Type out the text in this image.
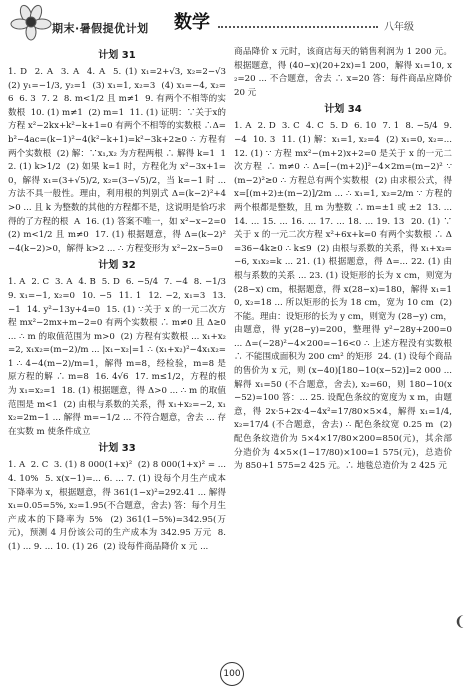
期末·暑假提优计划	数学	八年级
计划 31

1. D  2. A  3. A  4. A  5. (1) x₁=2+√3, x₂=2−√3  (2) y₁=−1/3, y₂=1  (3) x₁=1, x₂=3  (4) x₁=−4, x₂=6  6. 3  7. 2  8. m<1/2 且 m≠1  9. 有两个不相等的实数根  10. (1) m≠1  (2) m=1  11. (1) 证明：∵关于x的方程 x²−2kx+k²−k+1=0 有两个不相等的实数根 ∴Δ=b²−4ac=(k−1)²−4(k²−k+1)=k²−3k+2≥0 ∴ 方程有两个实数根  (2) 解：∵x₁,x₂ 为方程两根 ∴ 解得 k=1  12. (1) k>1/2  (2) 如果 k=1 时，方程化为 x²−3x+1=0，解得 x₁=(3+√5)/2, x₂=(3−√5)/2，当 k=−1 时 ... 方法不具一般性。理由，利用根的判别式 Δ=(k−2)²+4>0 ... 且 k 为整数的其他的方程都不是，这说明是恰巧求得的了方程的根  A  16. (1) 答案不唯一，如 x²−x−2=0  (2) m<1/2 且 m≠0  17. (1) 根据题意，得 Δ=(k−2)²−4(k−2)>0，解得 k>2 ... ∴ 方程变形为 x²−2x−5=0

计划 32

1. A  2. C  3. A  4. B  5. D  6. −5/4  7. −4  8. −1/3  9. x₁=−1, x₂=0  10. −5  11. 1  12. −2, x₁=3  13. −1  14. y²−13y+4=0  15. (1) ∵关于 x 的一元二次方程 mx²−2mx+m−2=0 有两个实数根 ∴ m≠0 且 Δ≥0 ... ∴ m 的取值范围为 m>0  (2) 方程有实数根 ... x₁+x₂=2, x₁x₂=(m−2)/m ... |x₁−x₂|=1 ∴ (x₁+x₂)²−4x₁x₂=1 ∴ 4−4(m−2)/m=1，解得 m=8，经检验，m=8 是原方程的解 ∴ m=8  16. 4√6  17. m≤1/2，方程的根为 x₁=x₂=1  18. (1) 根据题意，得 Δ>0 ... ∴ m 的取值范围是 m<1  (2) 由根与系数的关系，得 x₁+x₂=−2, x₁x₂=2m−1 ... 解得 m=−1/2 ... 不符合题意，舍去 ... 存在实数 m 使条件成立

计划 33

1. A  2. C  3. (1) 8 000(1+x)²  (2) 8 000(1+x)² = ...  4. 10%  5. x(x−1)=... 6. ... 7. (1) 设每个月生产成本下降率为 x，根据题意，得 361(1−x)²=292.41 ... 解得 x₁=0.05=5%, x₂=1.95(不合题意，舍去) 答：每个月生产成本的下降率为 5%  (2) 361(1−5%)=342.95(万元)，预测 4 月份该公司的生产成本为 342.95 万元  8. (1) ... 9. ... 10. (1) 26  (2) 设每件商品降价 x 元 ...

商品降价 x 元时，该商店每天的销售利润为 1 200 元。根据题意，得 (40−x)(20+2x)=1 200，解得 x₁=10, x₂=20 ... 不合题意，舍去 ∴ x=20 答：每件商品应降价 20 元

计划 34

1. A  2. D  3. C  4. C  5. D  6. 10  7. 1  8. −5/4  9. −4  10. 3  11. (1) 解：x₁=1, x₂=4  (2) x₁=0, x₂=... 12. (1) ∵ 方程 mx²−(m+2)x+2=0 是关于 x 的一元二次方程 ∴ m≠0 ∴ Δ=[−(m+2)]²−4×2m=(m−2)² ∵ (m−2)²≥0 ∴ 方程总有两个实数根  (2) 由求根公式，得 x=[(m+2)±(m−2)]/2m ... ∴ x₁=1, x₂=2/m ∵ 方程的两个根都是整数，且 m 为整数 ∴ m=±1 或 ±2  13. ... 14. ... 15. ... 16. ... 17. ... 18. ... 19. 13  20. (1) ∵ 关于 x 的一元二次方程 x²+6x+k=0 有两个实数根 ∴ Δ=36−4k≥0 ∴ k≤9  (2) 由根与系数的关系，得 x₁+x₂=−6, x₁x₂=k ... 21. (1) 根据题意，得 Δ=... 22. (1) 由根与系数的关系 ... 23. (1) 设矩形的长为 x cm，则宽为 (28−x) cm，根据题意，得 x(28−x)=180，解得 x₁=10, x₂=18 ... 所以矩形的长为 18 cm，宽为 10 cm  (2) 不能。理由：设矩形的长为 y cm，则宽为 (28−y) cm，由题意，得 y(28−y)=200，整理得 y²−28y+200=0 ... Δ=(−28)²−4×200=−16<0 ∴ 上述方程没有实数根 ∴ 不能围成面积为 200 cm² 的矩形  24. (1) 设每个商品的售价为 x 元，则 (x−40)[180−10(x−52)]=2 000 ... 解得 x₁=50 (不合题意，舍去), x₂=60，则 180−10(x−52)=100 答：... 25. 设配色条纹的宽度为 x m，由题意，得 2x·5+2x·4−4x²=17/80×5×4，解得 x₁=1/4, x₂=17/4 (不合题意，舍去) ∴ 配色条纹宽 0.25 m  (2) 配色条纹造价为 5×4×17/80×200=850(元)，其余部分造价为 4×5×(1−17/80)×100=1 575(元)，总造价为 850+1 575=2 425 元。∴ 地毯总造价为 2 425 元

100
❨
